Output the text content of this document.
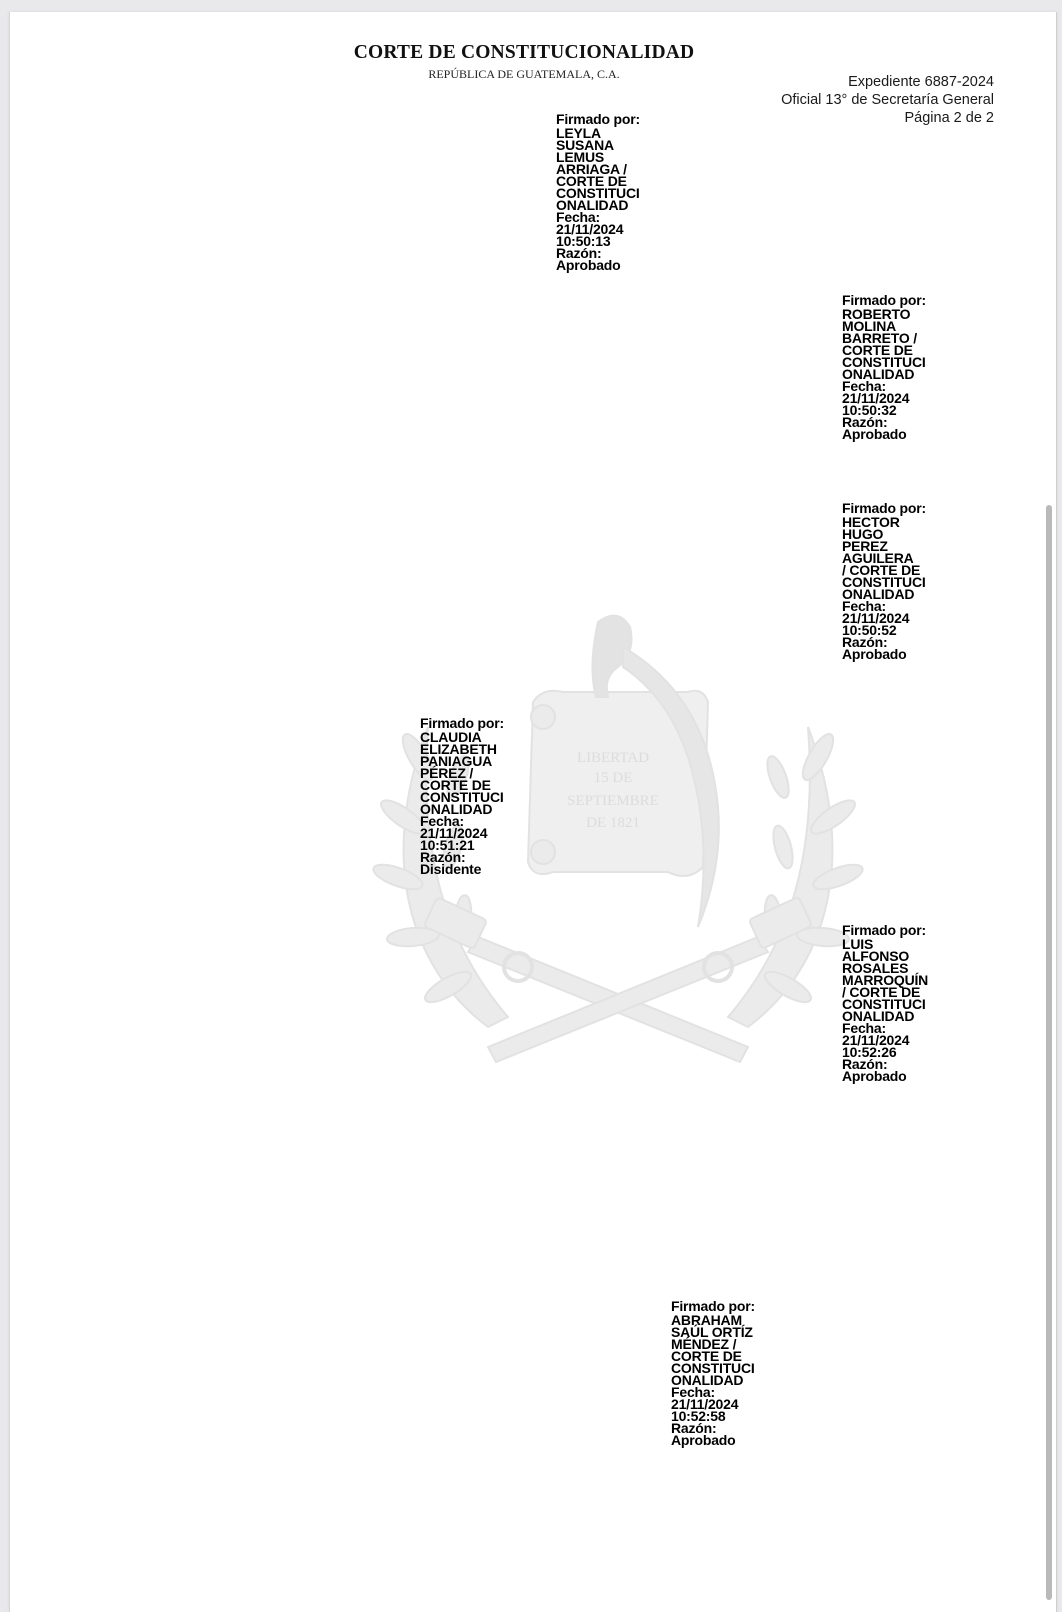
LIBERTAD
15 DE
SEPTIEMBRE
DE 1821
CORTE DE CONSTITUCIONALIDAD
REPÚBLICA DE GUATEMALA, C.A.	Expediente 6887-2024
Oficial 13° de Secretaría General
Página 2 de 2
Firmado por:
LEYLA
SUSANA
LEMUS
ARRIAGA /
CORTE DE
CONSTITUCI
ONALIDAD
Fecha:
21/11/2024
10:50:13
Razón:
Aprobado
Firmado por:
ROBERTO
MOLINA
BARRETO /
CORTE DE
CONSTITUCI
ONALIDAD
Fecha:
21/11/2024
10:50:32
Razón:
Aprobado
Firmado por:
HECTOR
HUGO
PEREZ
AGUILERA
/ CORTE DE
CONSTITUCI
ONALIDAD
Fecha:
21/11/2024
10:50:52
Razón:
Aprobado
Firmado por:
CLAUDIA
ELIZABETH
PANIAGUA
PÉREZ /
CORTE DE
CONSTITUCI
ONALIDAD
Fecha:
21/11/2024
10:51:21
Razón:
Disidente
Firmado por:
LUIS
ALFONSO
ROSALES
MARROQUÍN
/ CORTE DE
CONSTITUCI
ONALIDAD
Fecha:
21/11/2024
10:52:26
Razón:
Aprobado
Firmado por:
ABRAHAM
SAÚL ORTÍZ
MÉNDEZ /
CORTE DE
CONSTITUCI
ONALIDAD
Fecha:
21/11/2024
10:52:58
Razón:
Aprobado
